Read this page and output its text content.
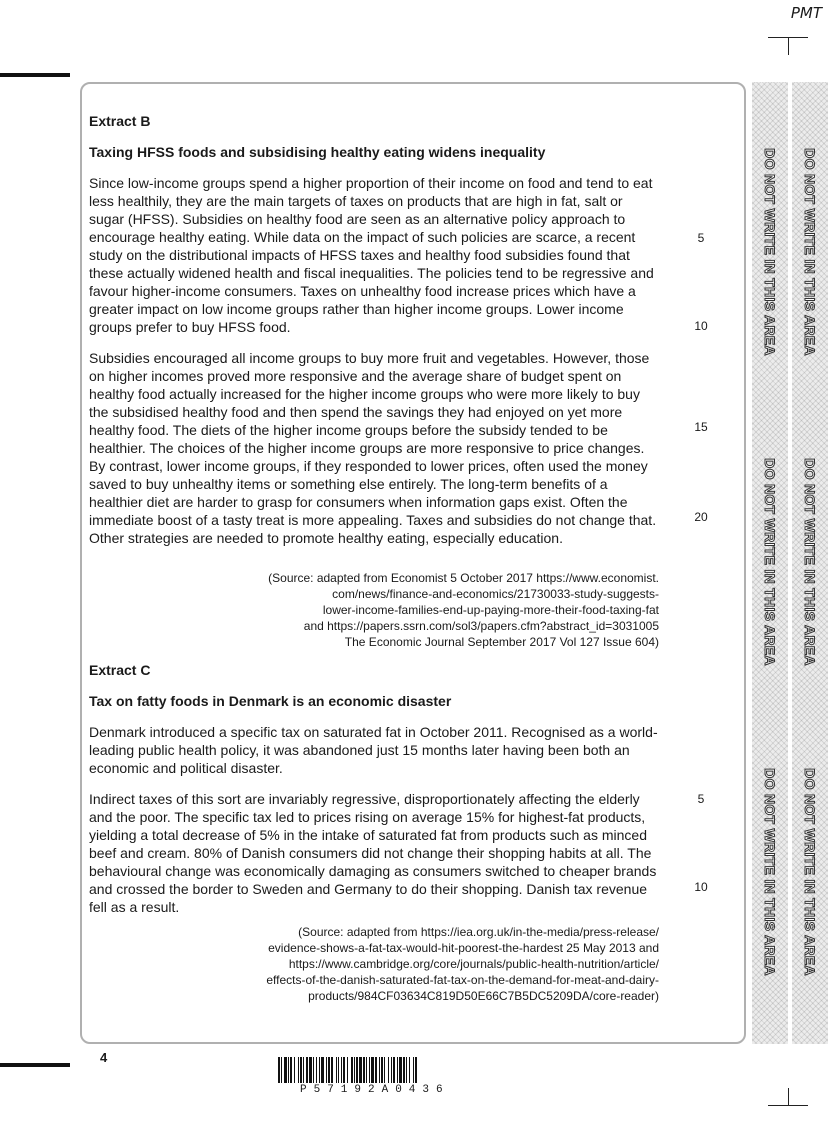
PMT
DO NOT WRITE IN THIS AREA
DO NOT WRITE IN THIS AREA
DO NOT WRITE IN THIS AREA
DO NOT WRITE IN THIS AREA
DO NOT WRITE IN THIS AREA
DO NOT WRITE IN THIS AREA

Extract B

Taxing HFSS foods and subsidising healthy eating widens inequality

Since low-income groups spend a higher proportion of their income on food and tend to eat less healthily, they are the main targets of taxes on products that are high in fat, salt or sugar (HFSS). Subsidies on healthy food are seen as an alternative policy approach to encourage healthy eating. While data on the impact of such policies are scarce, a recent study on the distributional impacts of HFSS taxes and healthy food subsidies found that these actually widened health and fiscal inequalities. The policies tend to be regressive and favour higher-income consumers. Taxes on unhealthy food increase prices which have a greater impact on low income groups rather than higher income groups. Lower income groups prefer to buy HFSS food.

Subsidies encouraged all income groups to buy more fruit and vegetables. However, those on higher incomes proved more responsive and the average share of budget spent on healthy food actually increased for the higher income groups who were more likely to buy the subsidised healthy food and then spend the savings they had enjoyed on yet more healthy food. The diets of the higher income groups before the subsidy tended to be healthier. The choices of the higher income groups are more responsive to price changes. By contrast, lower income groups, if they responded to lower prices, often used the money saved to buy unhealthy items or something else entirely. The long-term benefits of a healthier diet are harder to grasp for consumers when information gaps exist. Often the immediate boost of a tasty treat is more appealing. Taxes and subsidies do not change that. Other strategies are needed to promote healthy eating, especially education.

(Source: adapted from Economist 5 October 2017 https://www.economist.
com/news/finance-and-economics/21730033-study-suggests-
lower-income-families-end-up-paying-more-their-food-taxing-fat
and https://papers.ssrn.com/sol3/papers.cfm?abstract_id=3031005
The Economic Journal September 2017 Vol 127 Issue 604)
5
10
15
20

Extract C

Tax on fatty foods in Denmark is an economic disaster

Denmark introduced a specific tax on saturated fat in October 2011. Recognised as a world-leading public health policy, it was abandoned just 15 months later having been both an economic and political disaster.

Indirect taxes of this sort are invariably regressive, disproportionately affecting the elderly and the poor. The specific tax led to prices rising on average 15% for highest-fat products, yielding a total decrease of 5% in the intake of saturated fat from products such as minced beef and cream. 80% of Danish consumers did not change their shopping habits at all. The behavioural change was economically damaging as consumers switched to cheaper brands and crossed the border to Sweden and Germany to do their shopping. Danish tax revenue fell as a result.

(Source: adapted from https://iea.org.uk/in-the-media/press-release/
evidence-shows-a-fat-tax-would-hit-poorest-the-hardest 25 May 2013 and
https://www.cambridge.org/core/journals/public-health-nutrition/article/
effects-of-the-danish-saturated-fat-tax-on-the-demand-for-meat-and-dairy-
products/984CF03634C819D50E66C7B5DC5209DA/core-reader)
5
10
4
P57192A0436
